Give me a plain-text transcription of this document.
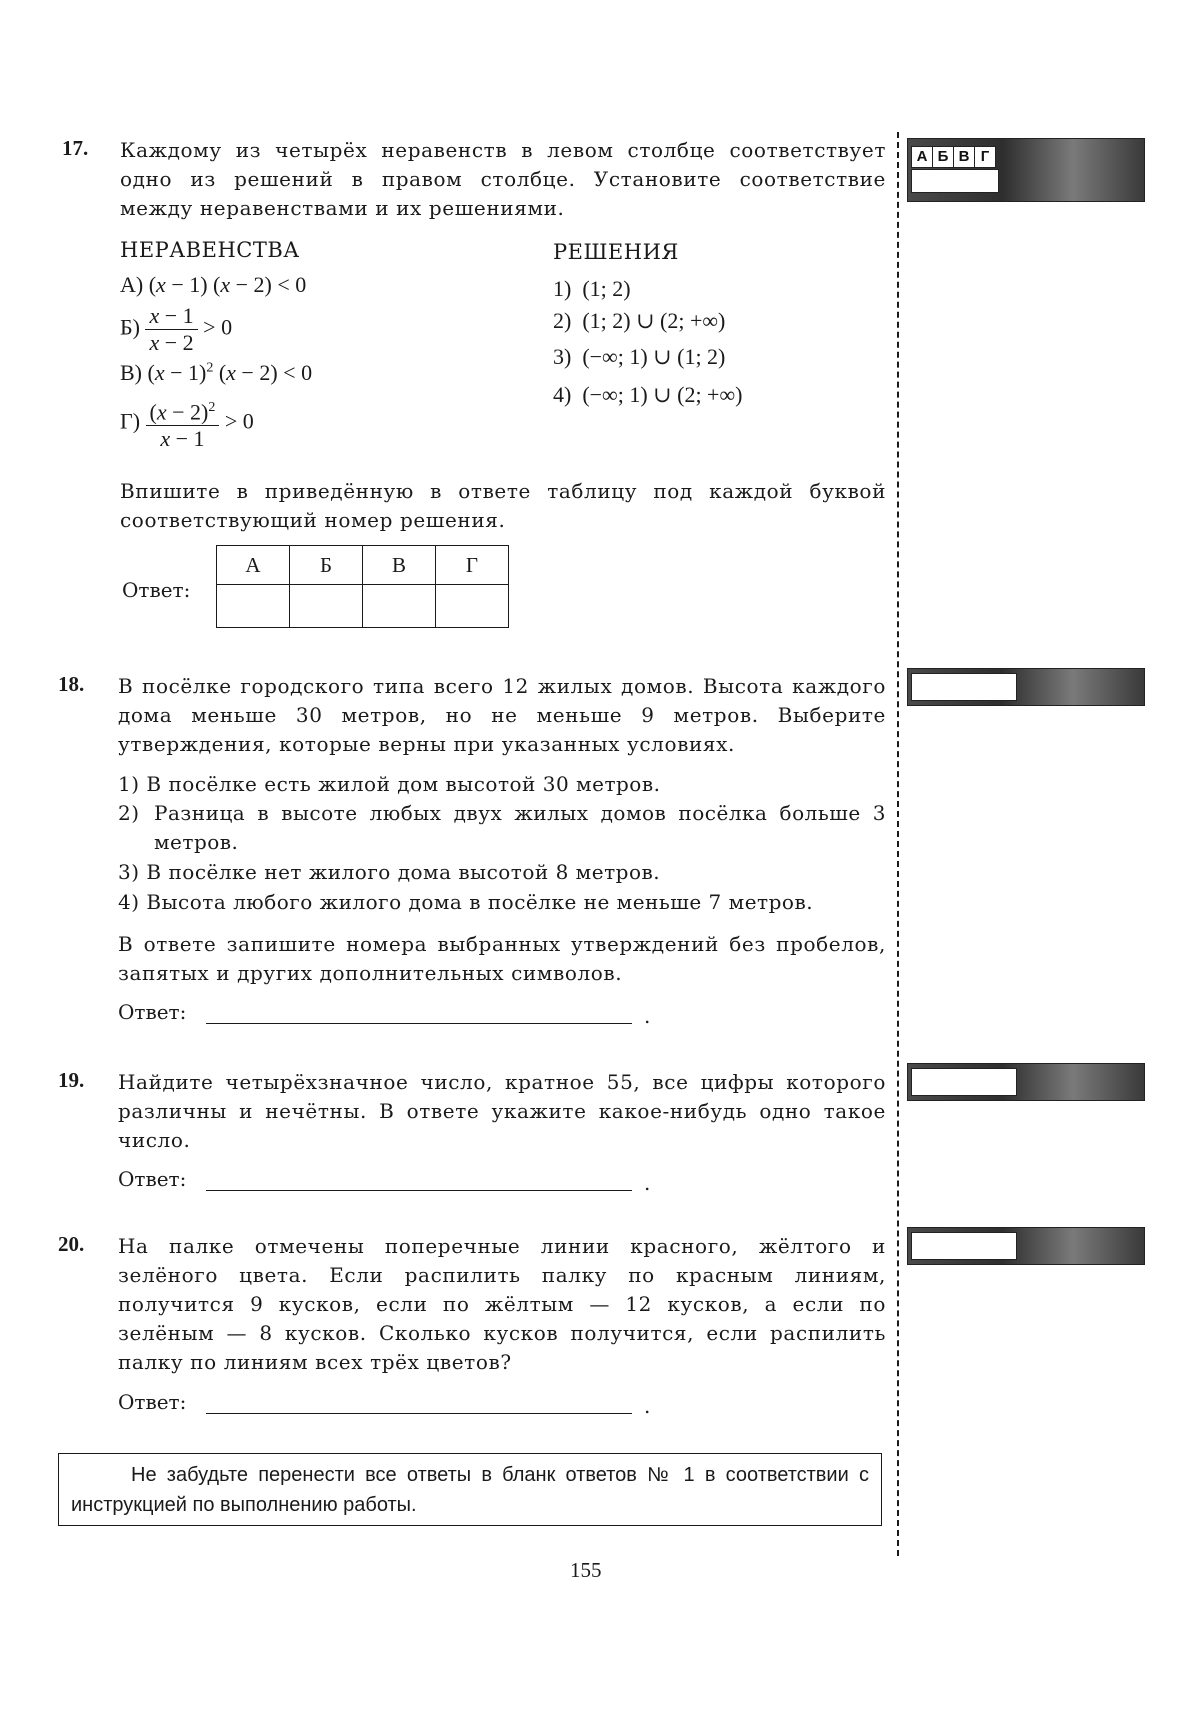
17. Каждому из четырёх неравенств в левом столбце соответствует одно из решений в правом столбце. Установите соответствие между неравенствами и их решениями.
НЕРАВЕНСТВА	РЕШЕНИЯ
А) (x − 1) (x − 2) < 0
$Б) \frac{x - 1}{x - 2} > 0$
В) $(x - 1)^2$ (x − 2) < 0
$Г) \frac{(x - 2)^2}{x - 1} > 0$
1) (1; 2)
2) (1; 2) ∪ (2; +∞)
3) (−∞; 1) ∪ (1; 2)
4) (−∞; 1) ∪ (2; +∞)
Впишите в приведённую в ответе таблицу под каждой буквой соответствующий номер решения.
Ответ:
А	Б	В	Г

А Б В Г
18. В посёлке городского типа всего 12 жилых домов. Высота каждого дома меньше 30 метров, но не меньше 9 метров. Выберите утверждения, которые верны при указанных условиях.
1) В посёлке есть жилой дом высотой 30 метров.
2) Разница в высоте любых двух жилых домов посёлка больше 3 метров.
3) В посёлке нет жилого дома высотой 8 метров.
4) Высота любого жилого дома в посёлке не меньше 7 метров.
В ответе запишите номера выбранных утверждений без пробелов, запятых и других дополнительных символов.
Ответ:	.
19. Найдите четырёхзначное число, кратное 55, все цифры которого различны и нечётны. В ответе укажите какое-нибудь одно такое число.
Ответ:	.
20. На палке отмечены поперечные линии красного, жёлтого и зелёного цвета. Если распилить палку по красным линиям, получится 9 кусков, если по жёлтым — 12 кусков, а если по зелёным — 8 кусков. Сколько кусков получится, если распилить палку по линиям всех трёх цветов?
Ответ:	.
Не забудьте перенести все ответы в бланк ответов № 1 в соответствии с инструкцией по выполнению работы.
155
